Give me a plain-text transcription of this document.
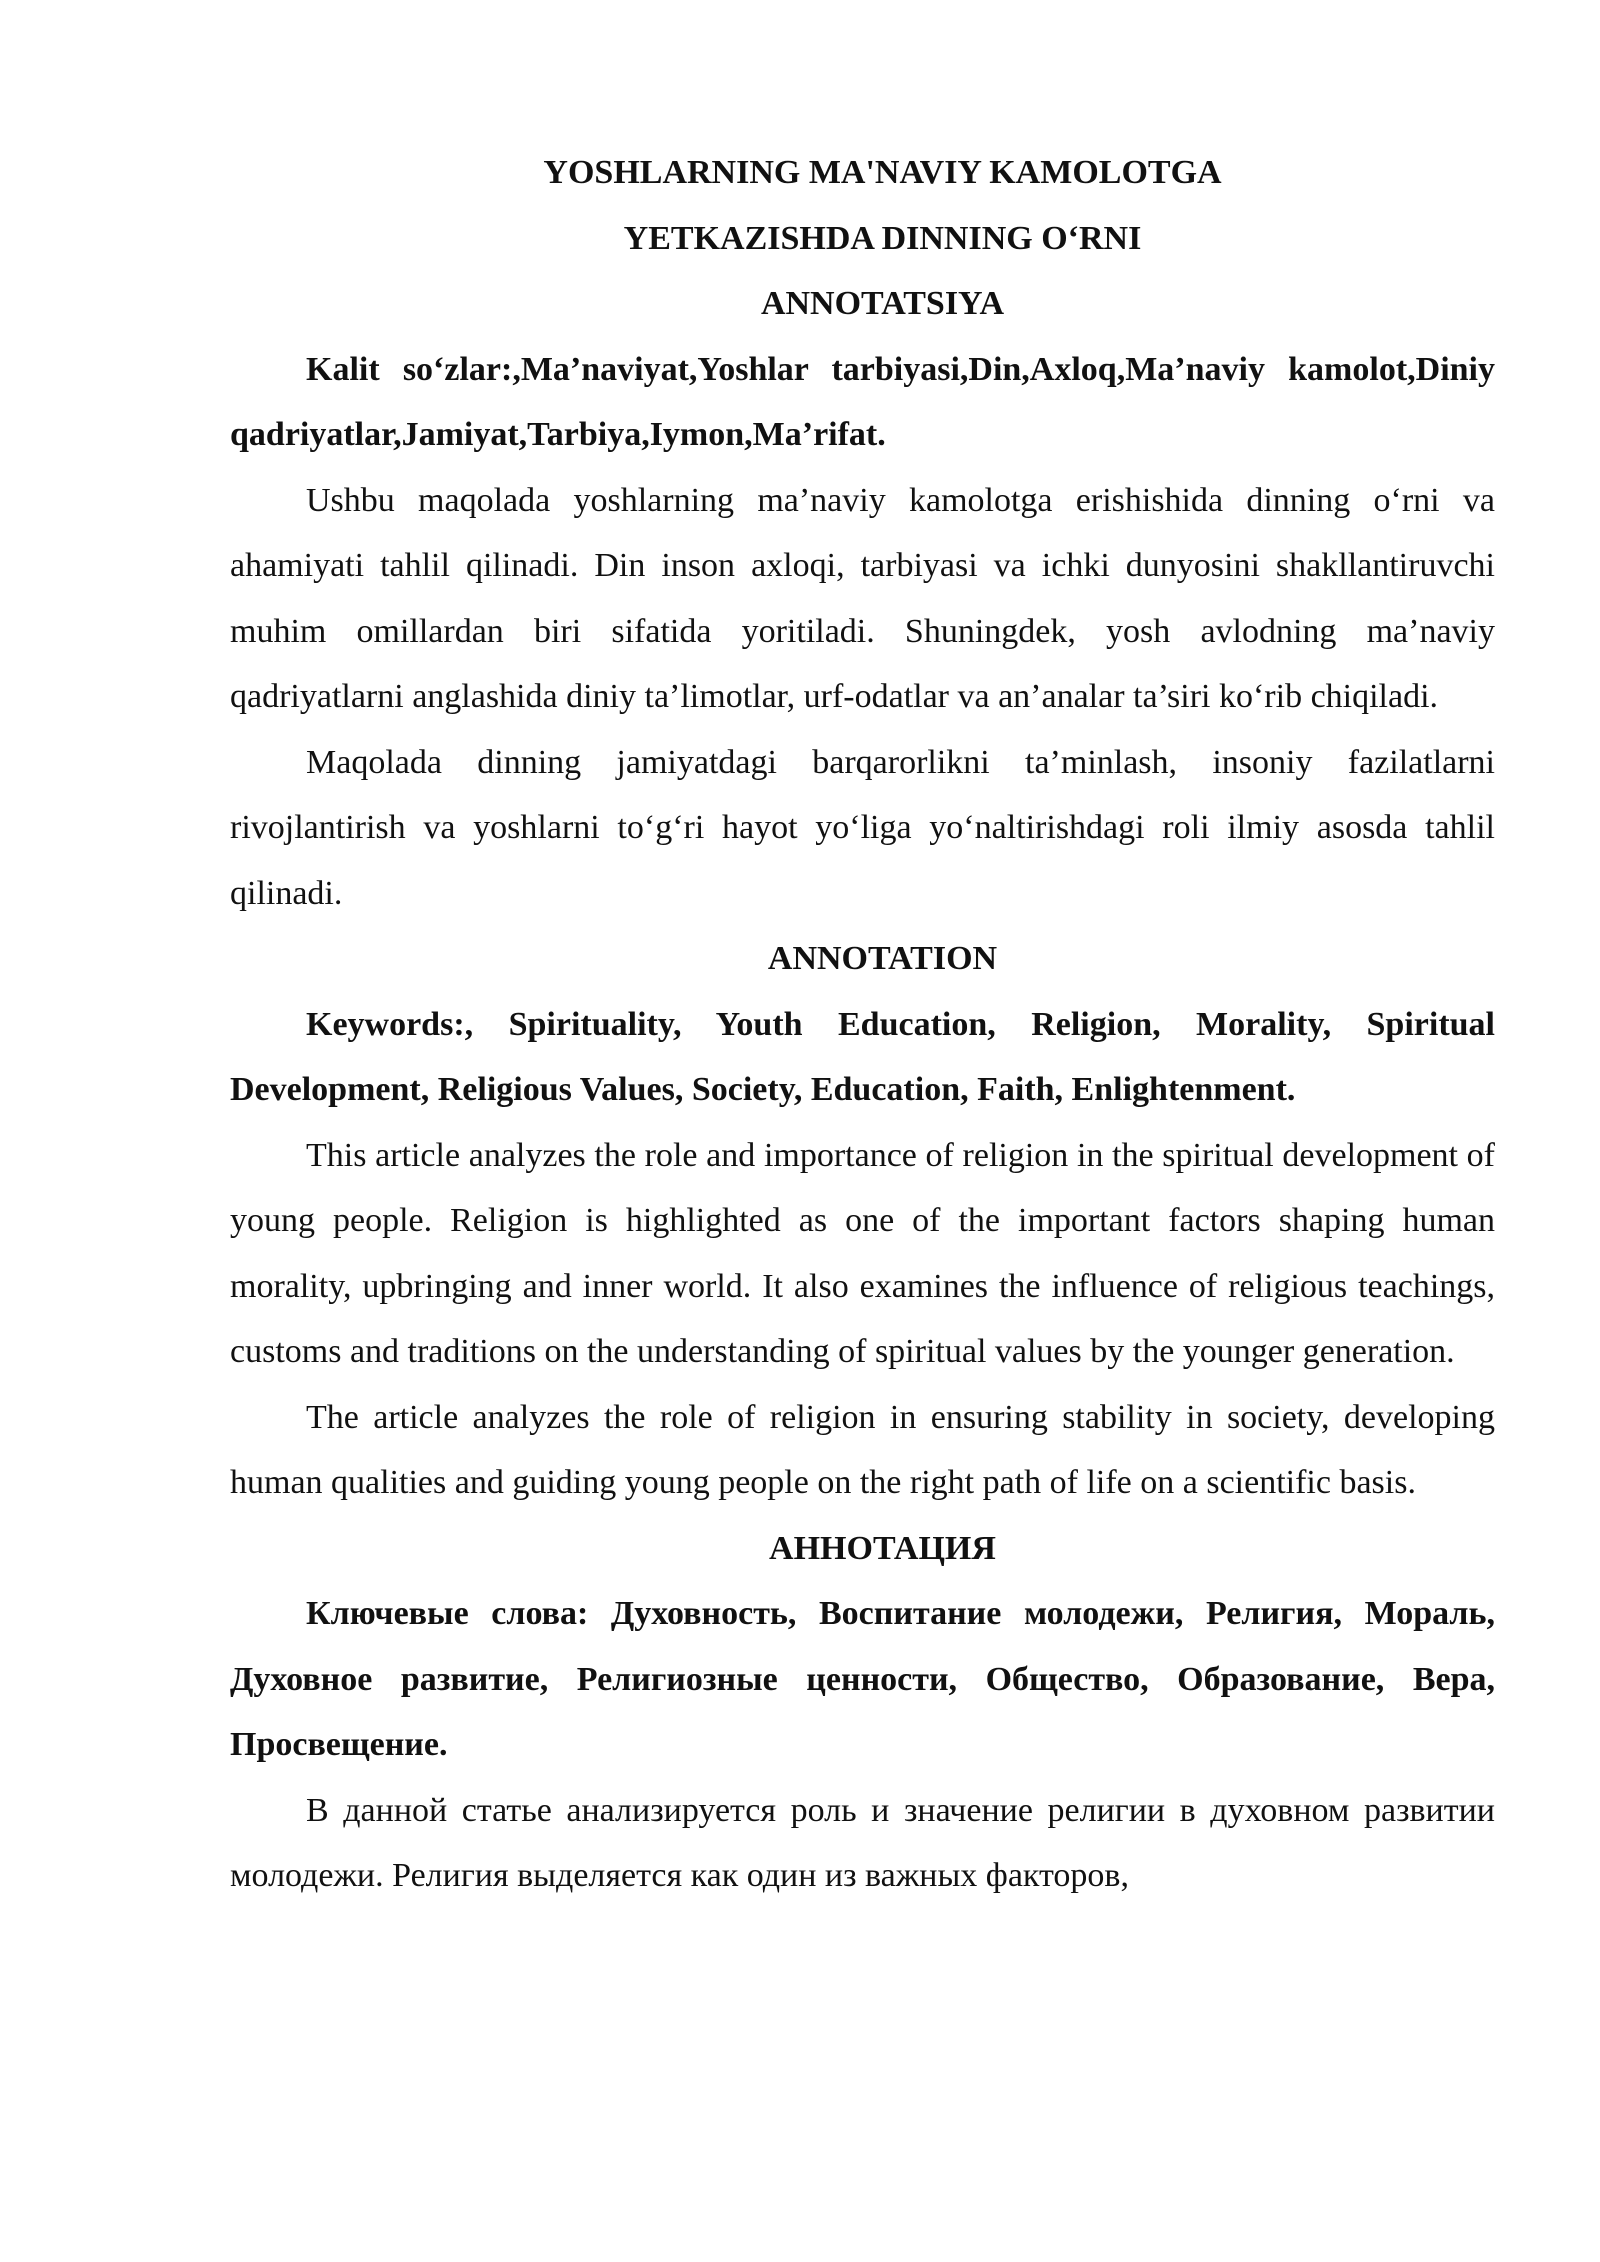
YOSHLARNING MA'NAVIY KAMOLOTGA

YETKAZISHDA DINNING O‘RNI

ANNOTATSIYA

Kalit so‘zlar:,Ma’naviyat,Yoshlar tarbiyasi,Din,Axloq,Ma’naviy kamolot,Diniy qadriyatlar,Jamiyat,Tarbiya,Iymon,Ma’rifat.

Ushbu maqolada yoshlarning ma’naviy kamolotga erishishida dinning o‘rni va ahamiyati tahlil qilinadi. Din inson axloqi, tarbiyasi va ichki dunyosini shakllantiruvchi muhim omillardan biri sifatida yoritiladi. Shuningdek, yosh avlodning ma’naviy qadriyatlarni anglashida diniy ta’limotlar, urf-odatlar va an’analar ta’siri ko‘rib chiqiladi.

Maqolada dinning jamiyatdagi barqarorlikni ta’minlash, insoniy fazilatlarni rivojlantirish va yoshlarni to‘g‘ri hayot yo‘liga yo‘naltirishdagi roli ilmiy asosda tahlil qilinadi.

ANNOTATION

Keywords:, Spirituality, Youth Education, Religion, Morality, Spiritual Development, Religious Values, Society, Education, Faith, Enlightenment.

This article analyzes the role and importance of religion in the spiritual development of young people. Religion is highlighted as one of the important factors shaping human morality, upbringing and inner world. It also examines the influence of religious teachings, customs and traditions on the understanding of spiritual values by the younger generation.

The article analyzes the role of religion in ensuring stability in society, developing human qualities and guiding young people on the right path of life on a scientific basis.

АННОТАЦИЯ

Ключевые слова: Духовность, Воспитание молодежи, Религия, Мораль, Духовное развитие, Религиозные ценности, Общество, Образование, Вера, Просвещение.

В данной статье анализируется роль и значение религии в духовном развитии молодежи. Религия выделяется как один из важных факторов,
